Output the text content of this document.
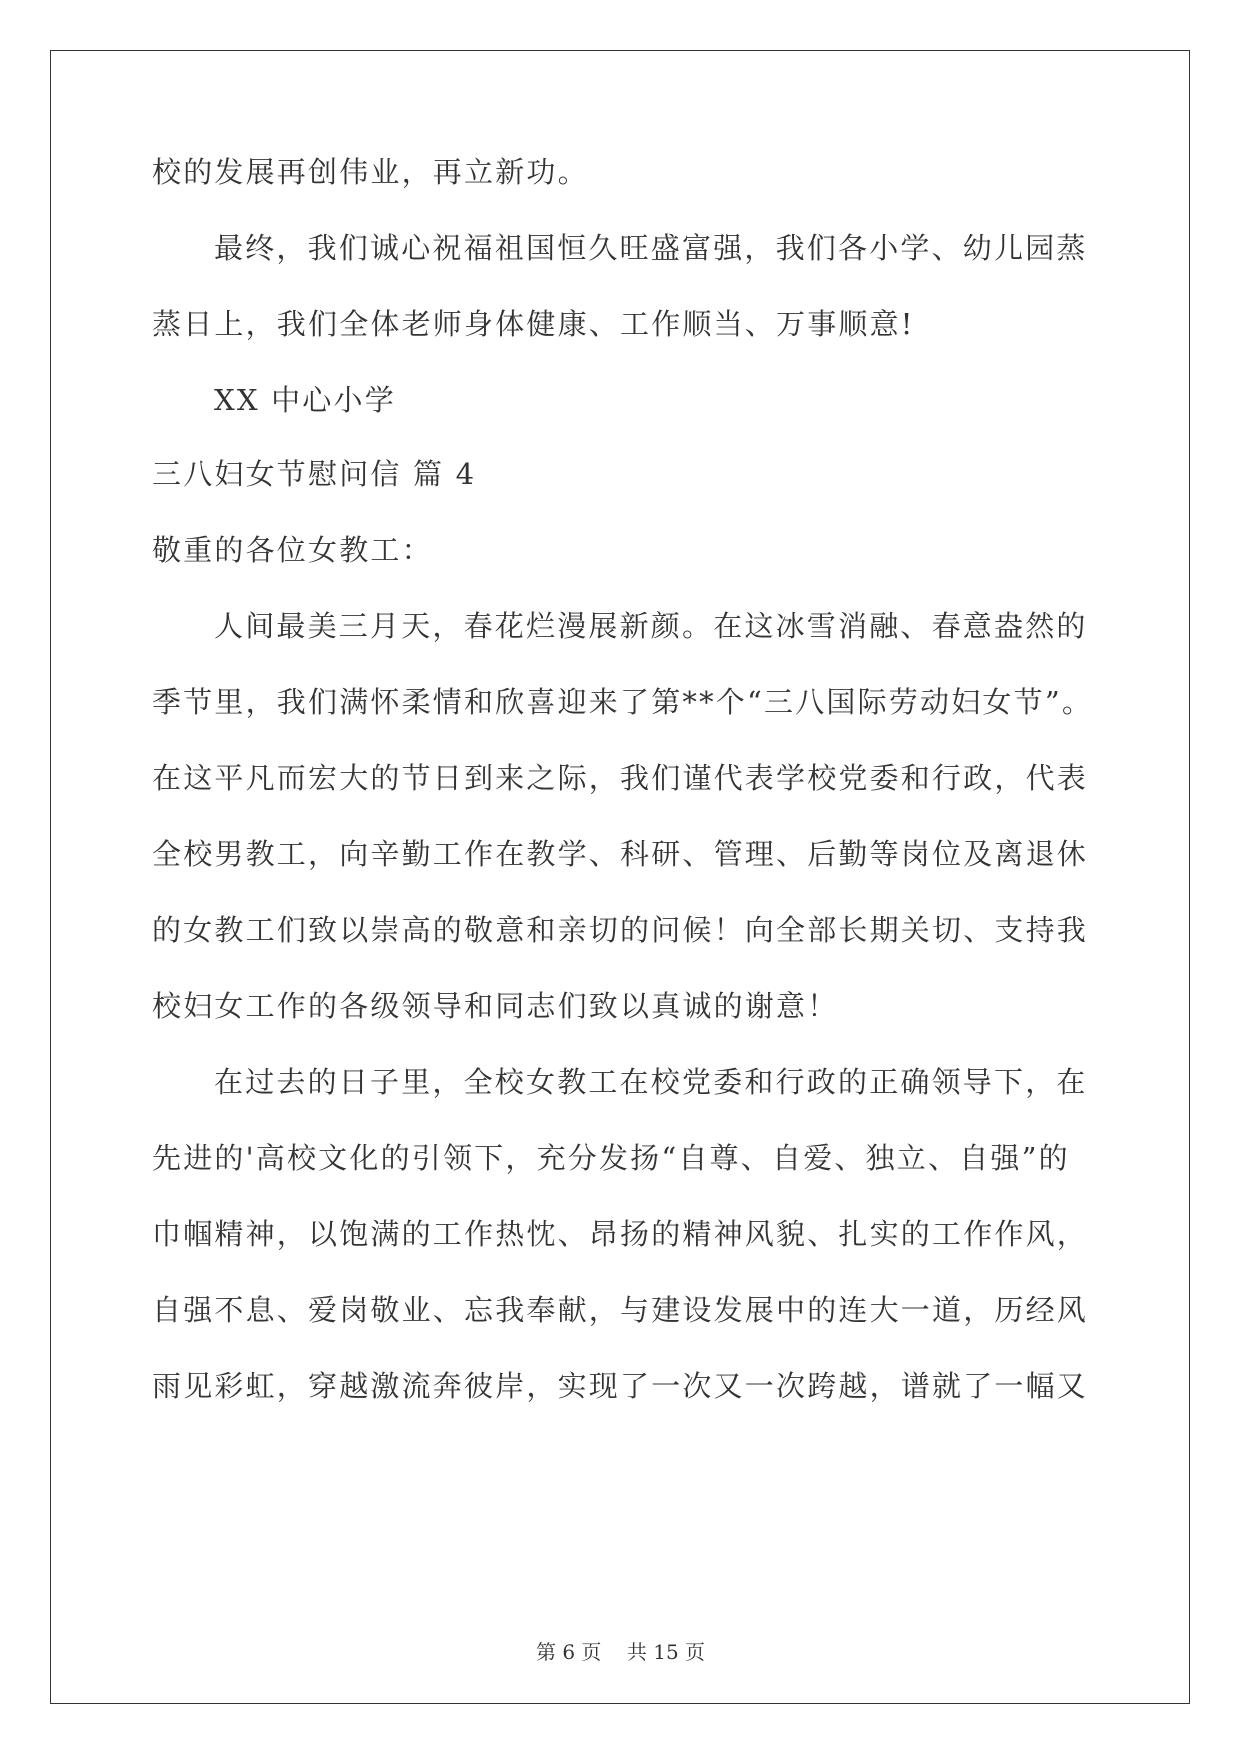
校的发展再创伟业，再立新功。
最终，我们诚心祝福祖国恒久旺盛富强，我们各小学、幼儿园蒸
蒸日上，我们全体老师身体健康、工作顺当、万事顺意!
XX 中心小学
三八妇女节慰问信 篇 4
敬重的各位女教工：
人间最美三月天，春花烂漫展新颜。在这冰雪消融、春意盎然的
季节里，我们满怀柔情和欣喜迎来了第**个“三八国际劳动妇女节”。
在这平凡而宏大的节日到来之际，我们谨代表学校党委和行政，代表
全校男教工，向辛勤工作在教学、科研、管理、后勤等岗位及离退休
的女教工们致以崇高的敬意和亲切的问候！向全部长期关切、支持我
校妇女工作的各级领导和同志们致以真诚的谢意！
在过去的日子里，全校女教工在校党委和行政的正确领导下，在
先进的'高校文化的引领下，充分发扬“自尊、自爱、独立、自强”的
巾帼精神，以饱满的工作热忱、昂扬的精神风貌、扎实的工作作风，
自强不息、爱岗敬业、忘我奉献，与建设发展中的连大一道，历经风
雨见彩虹，穿越激流奔彼岸，实现了一次又一次跨越，谱就了一幅又
第 6 页 共 15 页
